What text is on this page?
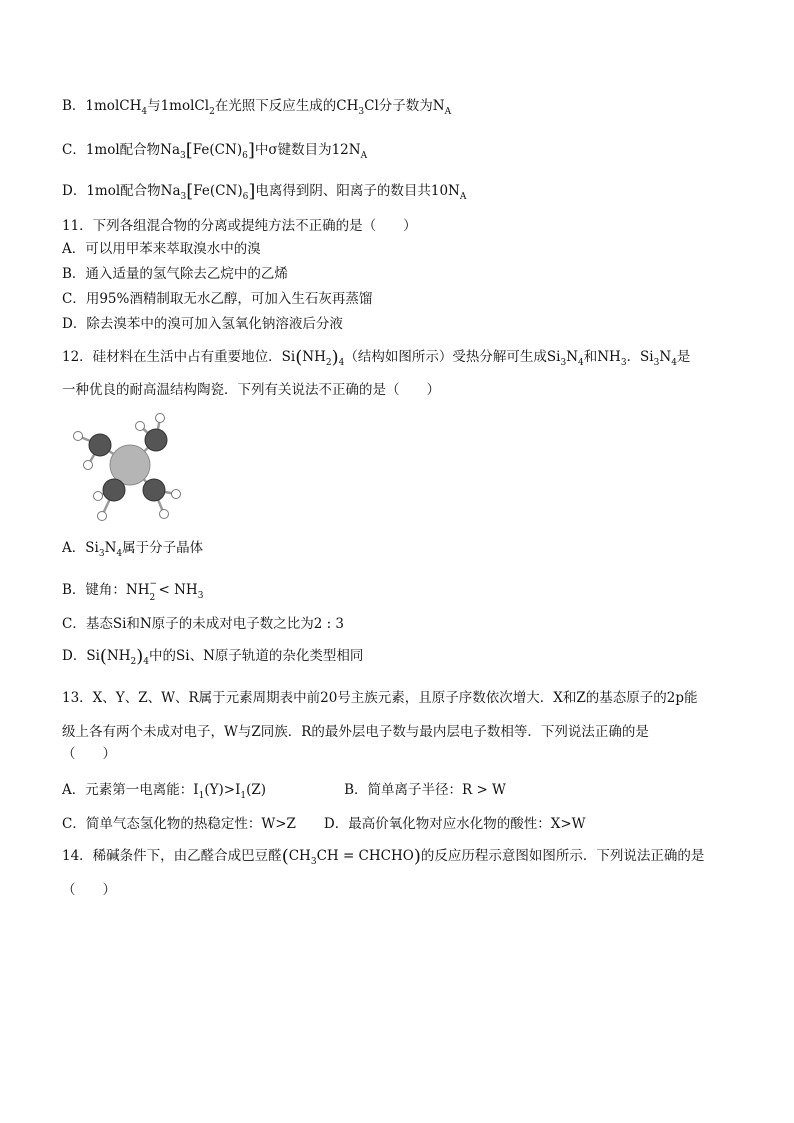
B．1molCH$_4$与1molCl$_2$在光照下反应生成的$CH_3Cl$分子数为$N_A$
C．1mol配合物$Na_3[Fe(CN)_6]$中σ键数目为$12N_A$
D．1mol配合物$Na_3[Fe(CN)_6]$电离得到阴、阳离子的数目共$10N_A$
11．下列各组混合物的分离或提纯方法不正确的是（　　）
A．可以用甲苯来萃取溴水中的溴
B．通入适量的氢气除去乙烷中的乙烯
C．用95%酒精制取无水乙醇，可加入生石灰再蒸馏
D．除去溴苯中的溴可加入氢氧化钠溶液后分液
12．硅材料在生活中占有重要地位．$Si(NH_2)_4$（结构如图所示）受热分解可生成$Si_3N_4$和$NH_3$．$Si_3N_4$是
一种优良的耐高温结构陶瓷．下列有关说法不正确的是（　　）
A．$Si_3N_4$属于分子晶体
B．键角：NH −
$2 < NH_3$
C．基态Si和N原子的未成对电子数之比为2 : 3
D．$Si(NH_2)_4$中的Si、N原子轨道的杂化类型相同
13．X、Y、Z、W、R属于元素周期表中前20号主族元素，且原子序数依次增大．X和Z的基态原子的2p能
级上各有两个未成对电子，W与Z同族．R的最外层电子数与最内层电子数相等．下列说法正确的是
（　　）
A．元素第一电离能：$I_1(Y)>I_1(Z)$	B．简单离子半径：R > W
C．简单气态氢化物的热稳定性：W>Z D．最高价氧化物对应水化物的酸性：X>W
14．稀碱条件下，由乙醛合成巴豆醛($CH_3CH$ = CHCHO)的反应历程示意图如图所示．下列说法正确的是
（　　）
